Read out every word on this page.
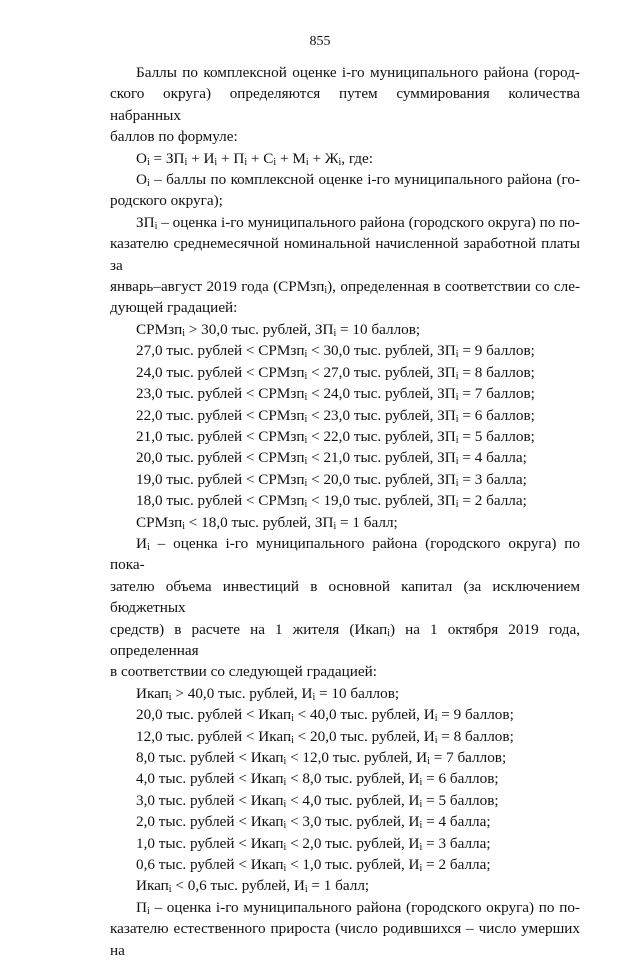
855

Баллы по комплексной оценке i-го муниципального района (город-

ского округа) определяются путем суммирования количества набранных

баллов по формуле:

$О_i = ЗП_i + И_i + П_i + С_i + М_i + Ж_i$, где:

$О_i$ – баллы по комплексной оценке i-го муниципального района (го-

родского округа);

$ЗП_i$ – оценка i-го муниципального района (городского округа) по по-

казателю среднемесячной номинальной начисленной заработной платы за

январь–август 2019 года (СРМзп$_i$), определенная в соответствии со сле-

дующей градацией:

СРМзп$_i$ > 30,0 тыс. рублей, $ЗП_i = 10$ баллов;

27,0 тыс. рублей < СРМзп$_i$ < 30,0 тыс. рублей, $ЗП_i = 9$ баллов;

24,0 тыс. рублей < СРМзп$_i$ < 27,0 тыс. рублей, $ЗП_i = 8$ баллов;

23,0 тыс. рублей < СРМзп$_i$ < 24,0 тыс. рублей, $ЗП_i = 7$ баллов;

22,0 тыс. рублей < СРМзп$_i$ < 23,0 тыс. рублей, $ЗП_i = 6$ баллов;

21,0 тыс. рублей < СРМзп$_i$ < 22,0 тыс. рублей, $ЗП_i = 5$ баллов;

20,0 тыс. рублей < СРМзп$_i$ < 21,0 тыс. рублей, $ЗП_i = 4$ балла;

19,0 тыс. рублей < СРМзп$_i$ < 20,0 тыс. рублей, $ЗП_i = 3$ балла;

18,0 тыс. рублей < СРМзп$_i$ < 19,0 тыс. рублей, $ЗП_i = 2$ балла;

СРМзп$_i$ < 18,0 тыс. рублей, $ЗП_i = 1$ балл;

$И_i$ – оценка i-го муниципального района (городского округа) по пока-

зателю объема инвестиций в основной капитал (за исключением бюджетных

средств) в расчете на 1 жителя (Икап$_i$) на 1 октября 2019 года, определенная

в соответствии со следующей градацией:

Икап$_i$ > 40,0 тыс. рублей, $И_i = 10$ баллов;

20,0 тыс. рублей < Икап$_i$ < 40,0 тыс. рублей, $И_i = 9$ баллов;

12,0 тыс. рублей < Икап$_i$ < 20,0 тыс. рублей, $И_i = 8$ баллов;

8,0 тыс. рублей < Икап$_i$ < 12,0 тыс. рублей, $И_i = 7$ баллов;

4,0 тыс. рублей < Икап$_i$ < 8,0 тыс. рублей, $И_i = 6$ баллов;

3,0 тыс. рублей < Икап$_i$ < 4,0 тыс. рублей, $И_i = 5$ баллов;

2,0 тыс. рублей < Икап$_i$ < 3,0 тыс. рублей, $И_i = 4$ балла;

1,0 тыс. рублей < Икап$_i$ < 2,0 тыс. рублей, $И_i = 3$ балла;

0,6 тыс. рублей < Икап$_i$ < 1,0 тыс. рублей, $И_i = 2$ балла;

Икап$_i$ < 0,6 тыс. рублей, $И_i = 1$ балл;

$П_i$ – оценка i-го муниципального района (городского округа) по по-

казателю естественного прироста (число родившихся – число умерших на
